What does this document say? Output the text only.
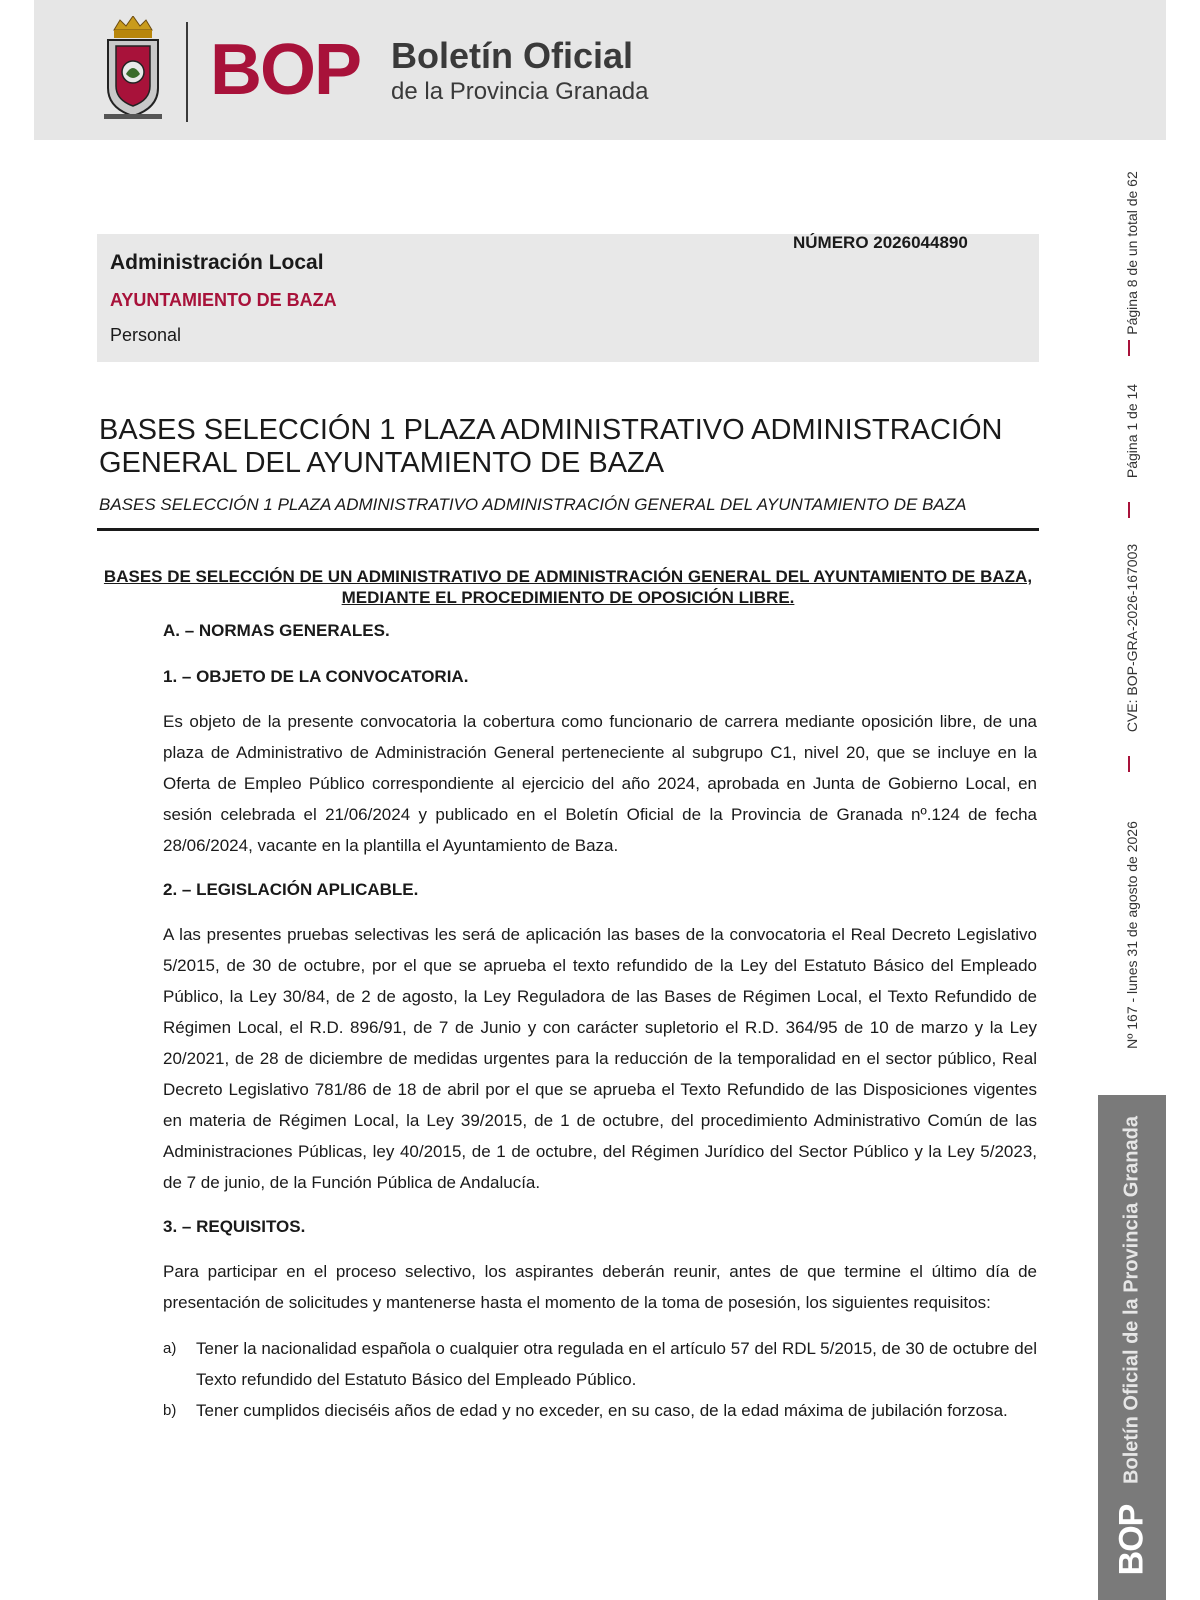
BOP Boletín Oficial
de la Provincia Granada
Página 8 de un total de 62
Página 1 de 14
CVE: BOP-GRA-2026-167003
Nº 167 - lunes 31 de agosto de 2026
Boletín Oficial de la Provincia Granada
BOP
NÚMERO 2026044890
Administración Local
AYUNTAMIENTO DE BAZA
Personal
BASES SELECCIÓN 1 PLAZA ADMINISTRATIVO ADMINISTRACIÓN GENERAL DEL AYUNTAMIENTO DE BAZA
BASES SELECCIÓN 1 PLAZA ADMINISTRATIVO ADMINISTRACIÓN GENERAL DEL AYUNTAMIENTO DE BAZA
BASES DE SELECCIÓN DE UN ADMINISTRATIVO DE ADMINISTRACIÓN GENERAL DEL AYUNTAMIENTO DE BAZA, MEDIANTE EL PROCEDIMIENTO DE OPOSICIÓN LIBRE.
A. – NORMAS GENERALES.
1. – OBJETO DE LA CONVOCATORIA.
Es objeto de la presente convocatoria la cobertura como funcionario de carrera mediante oposición libre, de una plaza de Administrativo de Administración General perteneciente al subgrupo C1, nivel 20, que se incluye en la Oferta de Empleo Público correspondiente al ejercicio del año 2024, aprobada en Junta de Gobierno Local, en sesión celebrada el 21/06/2024 y publicado en el Boletín Oficial de la Provincia de Granada nº.124 de fecha 28/06/2024, vacante en la plantilla el Ayuntamiento de Baza.
2. – LEGISLACIÓN APLICABLE.
A las presentes pruebas selectivas les será de aplicación las bases de la convocatoria el Real Decreto Legislativo 5/2015, de 30 de octubre, por el que se aprueba el texto refundido de la Ley del Estatuto Básico del Empleado Público, la Ley 30/84, de 2 de agosto, la Ley Reguladora de las Bases de Régimen Local, el Texto Refundido de Régimen Local, el R.D. 896/91, de 7 de Junio y con carácter supletorio el R.D. 364/95 de 10 de marzo y la Ley 20/2021, de 28 de diciembre de medidas urgentes para la reducción de la temporalidad en el sector público, Real Decreto Legislativo 781/86 de 18 de abril por el que se aprueba el Texto Refundido de las Disposiciones vigentes en materia de Régimen Local, la Ley 39/2015, de 1 de octubre, del procedimiento Administrativo Común de las Administraciones Públicas, ley 40/2015, de 1 de octubre, del Régimen Jurídico del Sector Público y la Ley 5/2023, de 7 de junio, de la Función Pública de Andalucía.
3. – REQUISITOS.
Para participar en el proceso selectivo, los aspirantes deberán reunir, antes de que termine el último día de presentación de solicitudes y mantenerse hasta el momento de la toma de posesión, los siguientes requisitos:
a) Tener la nacionalidad española o cualquier otra regulada en el artículo 57 del RDL 5/2015, de 30 de octubre del Texto refundido del Estatuto Básico del Empleado Público.
b) Tener cumplidos dieciséis años de edad y no exceder, en su caso, de la edad máxima de jubilación forzosa.
